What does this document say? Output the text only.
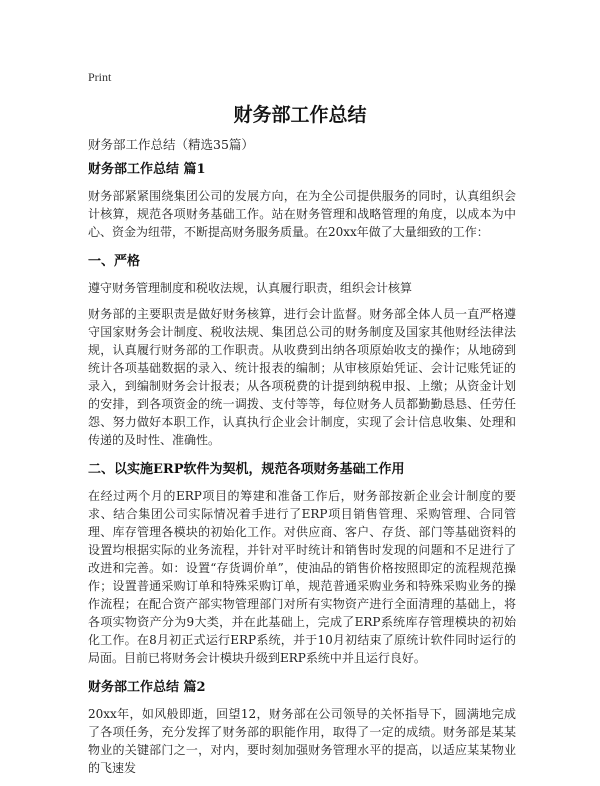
Print
财务部工作总结
财务部工作总结（精选35篇）
财务部工作总结 篇1

财务部紧紧围绕集团公司的发展方向，在为全公司提供服务的同时，认真组织会计核算，规范各项财务基础工作。站在财务管理和战略管理的角度，以成本为中心、资金为纽带，不断提高财务服务质量。在20xx年做了大量细致的工作：

一、严格

遵守财务管理制度和税收法规，认真履行职责，组织会计核算

财务部的主要职责是做好财务核算，进行会计监督。财务部全体人员一直严格遵守国家财务会计制度、税收法规、集团总公司的财务制度及国家其他财经法律法规，认真履行财务部的工作职责。从收费到出纳各项原始收支的操作；从地磅到统计各项基础数据的录入、统计报表的编制；从审核原始凭证、会计记账凭证的录入，到编制财务会计报表；从各项税费的计提到纳税申报、上缴；从资金计划的安排，到各项资金的统一调拨、支付等等，每位财务人员都勤勤恳恳、任劳任怨、努力做好本职工作，认真执行企业会计制度，实现了会计信息收集、处理和传递的及时性、准确性。

二、以实施ERP软件为契机，规范各项财务基础工作用

在经过两个月的ERP项目的筹建和准备工作后，财务部按新企业会计制度的要求、结合集团公司实际情况着手进行了ERP项目销售管理、采购管理、合同管理、库存管理各模块的初始化工作。对供应商、客户、存货、部门等基础资料的设置均根据实际的业务流程，并针对平时统计和销售时发现的问题和不足进行了改进和完善。如：设置“存货调价单”，使油品的销售价格按照即定的流程规范操作；设置普通采购订单和特殊采购订单，规范普通采购业务和特殊采购业务的操作流程；在配合资产部实物管理部门对所有实物资产进行全面清理的基础上，将各项实物资产分为9大类，并在此基础上，完成了ERP系统库存管理模块的初始化工作。在8月初正式运行ERP系统，并于10月初结束了原统计软件同时运行的局面。目前已将财务会计模块升级到ERP系统中并且运行良好。

财务部工作总结 篇2

20xx年，如风般即逝，回望12，财务部在公司领导的关怀指导下，圆满地完成了各项任务，充分发挥了财务部的职能作用，取得了一定的成绩。财务部是某某物业的关键部门之一，对内，要时刻加强财务管理水平的提高，以适应某某物业的飞速发
